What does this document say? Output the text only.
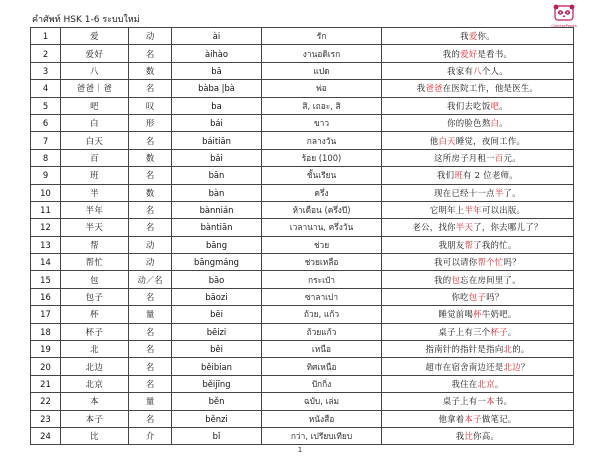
คำศัพท์ HSK 1-6 ระบบใหม่
ChinesePanda
1	爱	动	ài	รัก	我爱你。
2	爱好	名	àihào	งานอดิเรก	我的爱好是看书。
3	八	数	bā	แปด	我家有八个人。
4	爸爸｜爸	名	bàba |bà	พ่อ	我爸爸在医院工作，他是医生。
5	吧	叹	ba	สิ, เถอะ, สิ	我们去吃饭吧。
6	白	形	bái	ขาว	你的脸色熬白。
7	白天	名	báitiān	กลางวัน	他白天睡觉，夜间工作。
8	百	数	bǎi	ร้อย (100)	这所房子月租一百元。
9	班	名	bān	ชั้นเรียน	我们班有 2 位老师。
10	半	数	bàn	ครึ่ง	现在已经十一点半了。
11	半年	名	bànnián	ห้าเดือน (ครึ่งปี)	它明年上半年可以出版。
12	半天	名	bàntiān	เวลานาน, ครึ่งวัน	老公，找你半天了，你去哪儿了？
13	帮	动	bāng	ช่วย	我朋友帮了我的忙。
14	帮忙	动	bāngmáng	ช่วยเหลือ	我可以请你帮个忙吗？
15	包	动／名	bāo	กระเป๋า	我的包忘在房间里了。
16	包子	名	bāozi	ซาลาเปา	你吃包子吗？
17	杯	量	bēi	ถ้วย, แก้ว	睡觉前喝杯牛奶吧。
18	杯子	名	bēizi	ถ้วยแก้ว	桌子上有三个杯子。
19	北	名	běi	เหนือ	指南针的指针是指向北的。
20	北边	名	běibian	ทิศเหนือ	超市在宿舍南边还是北边？
21	北京	名	běijīng	ปักกิ่ง	我住在北京。
22	本	量	běn	ฉบับ, เล่ม	桌子上有一本书。
23	本子	名	běnzi	หนังสือ	他拿着本子做笔记。
24	比	介	bǐ	กว่า, เปรียบเทียบ	我比你高。
1
